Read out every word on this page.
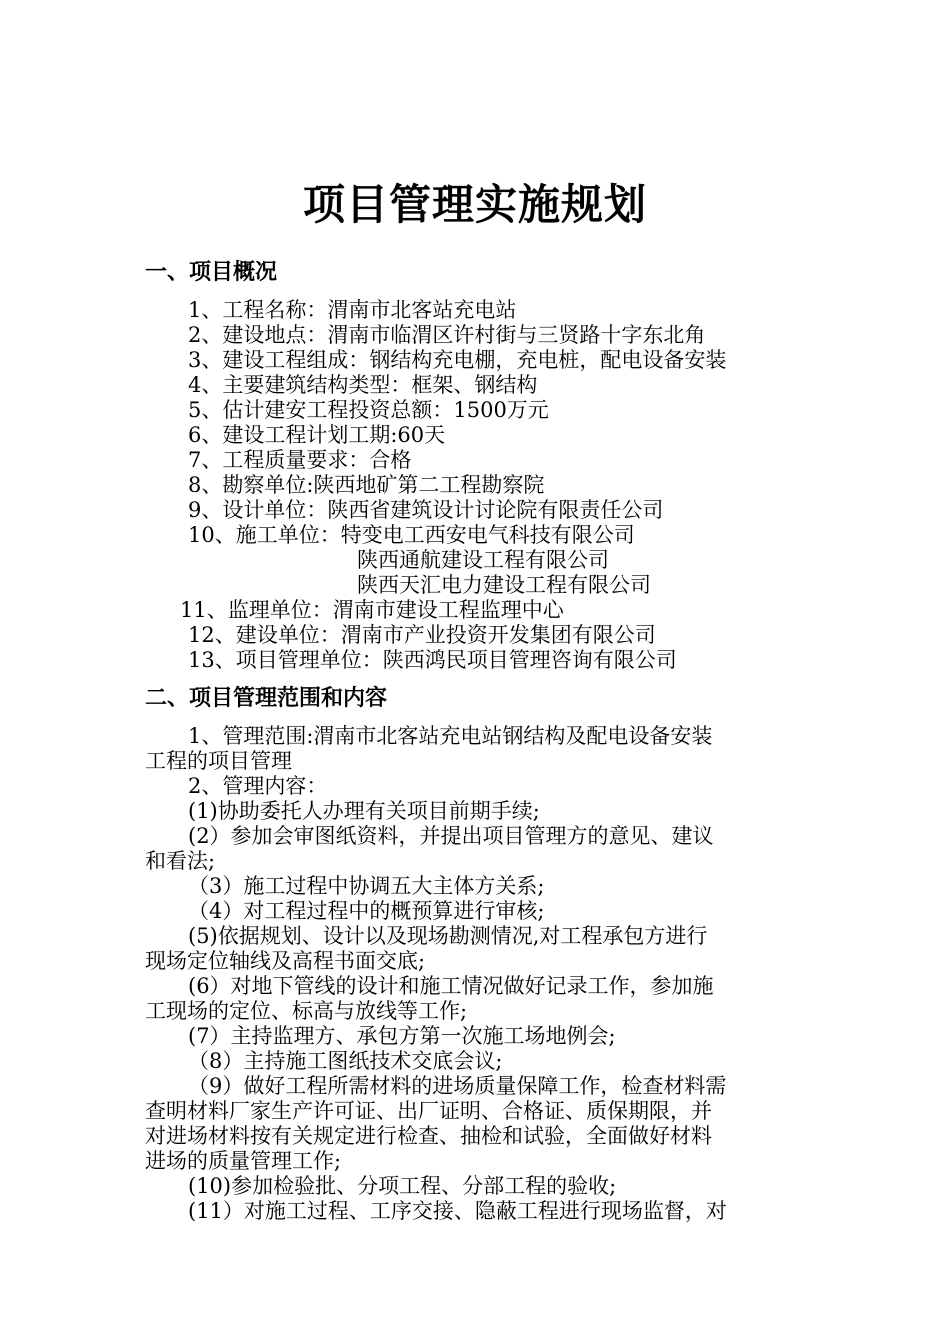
项目管理实施规划
一、项目概况
1、工程名称：渭南市北客站充电站
2、建设地点：渭南市临渭区许村街与三贤路十字东北角
3、建设工程组成：钢结构充电棚，充电桩，配电设备安装
4、主要建筑结构类型：框架、钢结构
5、估计建安工程投资总额：1500万元
6、建设工程计划工期:60天
7、工程质量要求：合格
8、勘察单位:陕西地矿第二工程勘察院
9、设计单位：陕西省建筑设计讨论院有限责任公司
10、施工单位：特变电工西安电气科技有限公司
陕西通航建设工程有限公司
陕西天汇电力建设工程有限公司
11、监理单位：渭南市建设工程监理中心
12、建设单位：渭南市产业投资开发集团有限公司
13、项目管理单位：陕西鸿民项目管理咨询有限公司
二、项目管理范围和内容
1、管理范围:渭南市北客站充电站钢结构及配电设备安装
工程的项目管理
2、管理内容：
(1)协助委托人办理有关项目前期手续;
(2）参加会审图纸资料，并提出项目管理方的意见、建议
和看法;
（3）施工过程中协调五大主体方关系;
（4）对工程过程中的概预算进行审核;
(5)依据规划、设计以及现场勘测情况,对工程承包方进行
现场定位轴线及高程书面交底;
(6）对地下管线的设计和施工情况做好记录工作，参加施
工现场的定位、标高与放线等工作;
(7）主持监理方、承包方第一次施工场地例会;
（8）主持施工图纸技术交底会议;
（9）做好工程所需材料的进场质量保障工作，检查材料需
查明材料厂家生产许可证、出厂证明、合格证、质保期限，并
对进场材料按有关规定进行检查、抽检和试验，全面做好材料
进场的质量管理工作;
(10)参加检验批、分项工程、分部工程的验收;
(11）对施工过程、工序交接、隐蔽工程进行现场监督，对
